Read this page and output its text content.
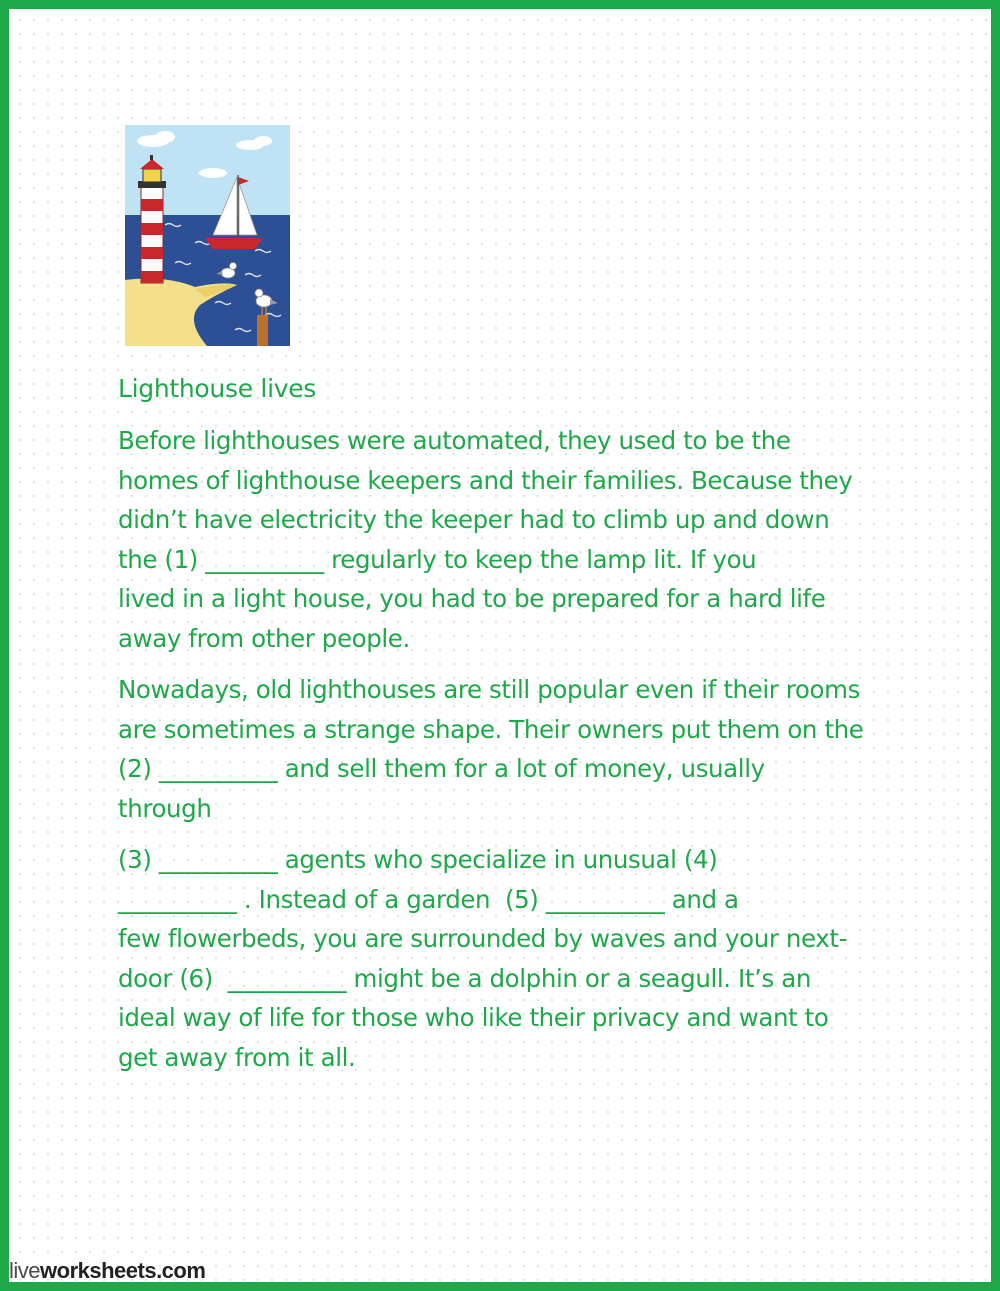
Lighthouse lives
Before lighthouses were automated, they used to be the
homes of lighthouse keepers and their families. Because they
didn’t have electricity the keeper had to climb up and down
the (1) __________ regularly to keep the lamp lit. If you
lived in a light house, you had to be prepared for a hard life
away from other people.
Nowadays, old lighthouses are still popular even if their rooms
are sometimes a strange shape. Their owners put them on the
(2) __________ and sell them for a lot of money, usually
through
(3) __________ agents who specialize in unusual (4)
__________ . Instead of a garden  (5) __________ and a
few flowerbeds, you are surrounded by waves and your next-
door (6)  __________ might be a dolphin or a seagull. It’s an
ideal way of life for those who like their privacy and want to
get away from it all.
liveworksheets.com
